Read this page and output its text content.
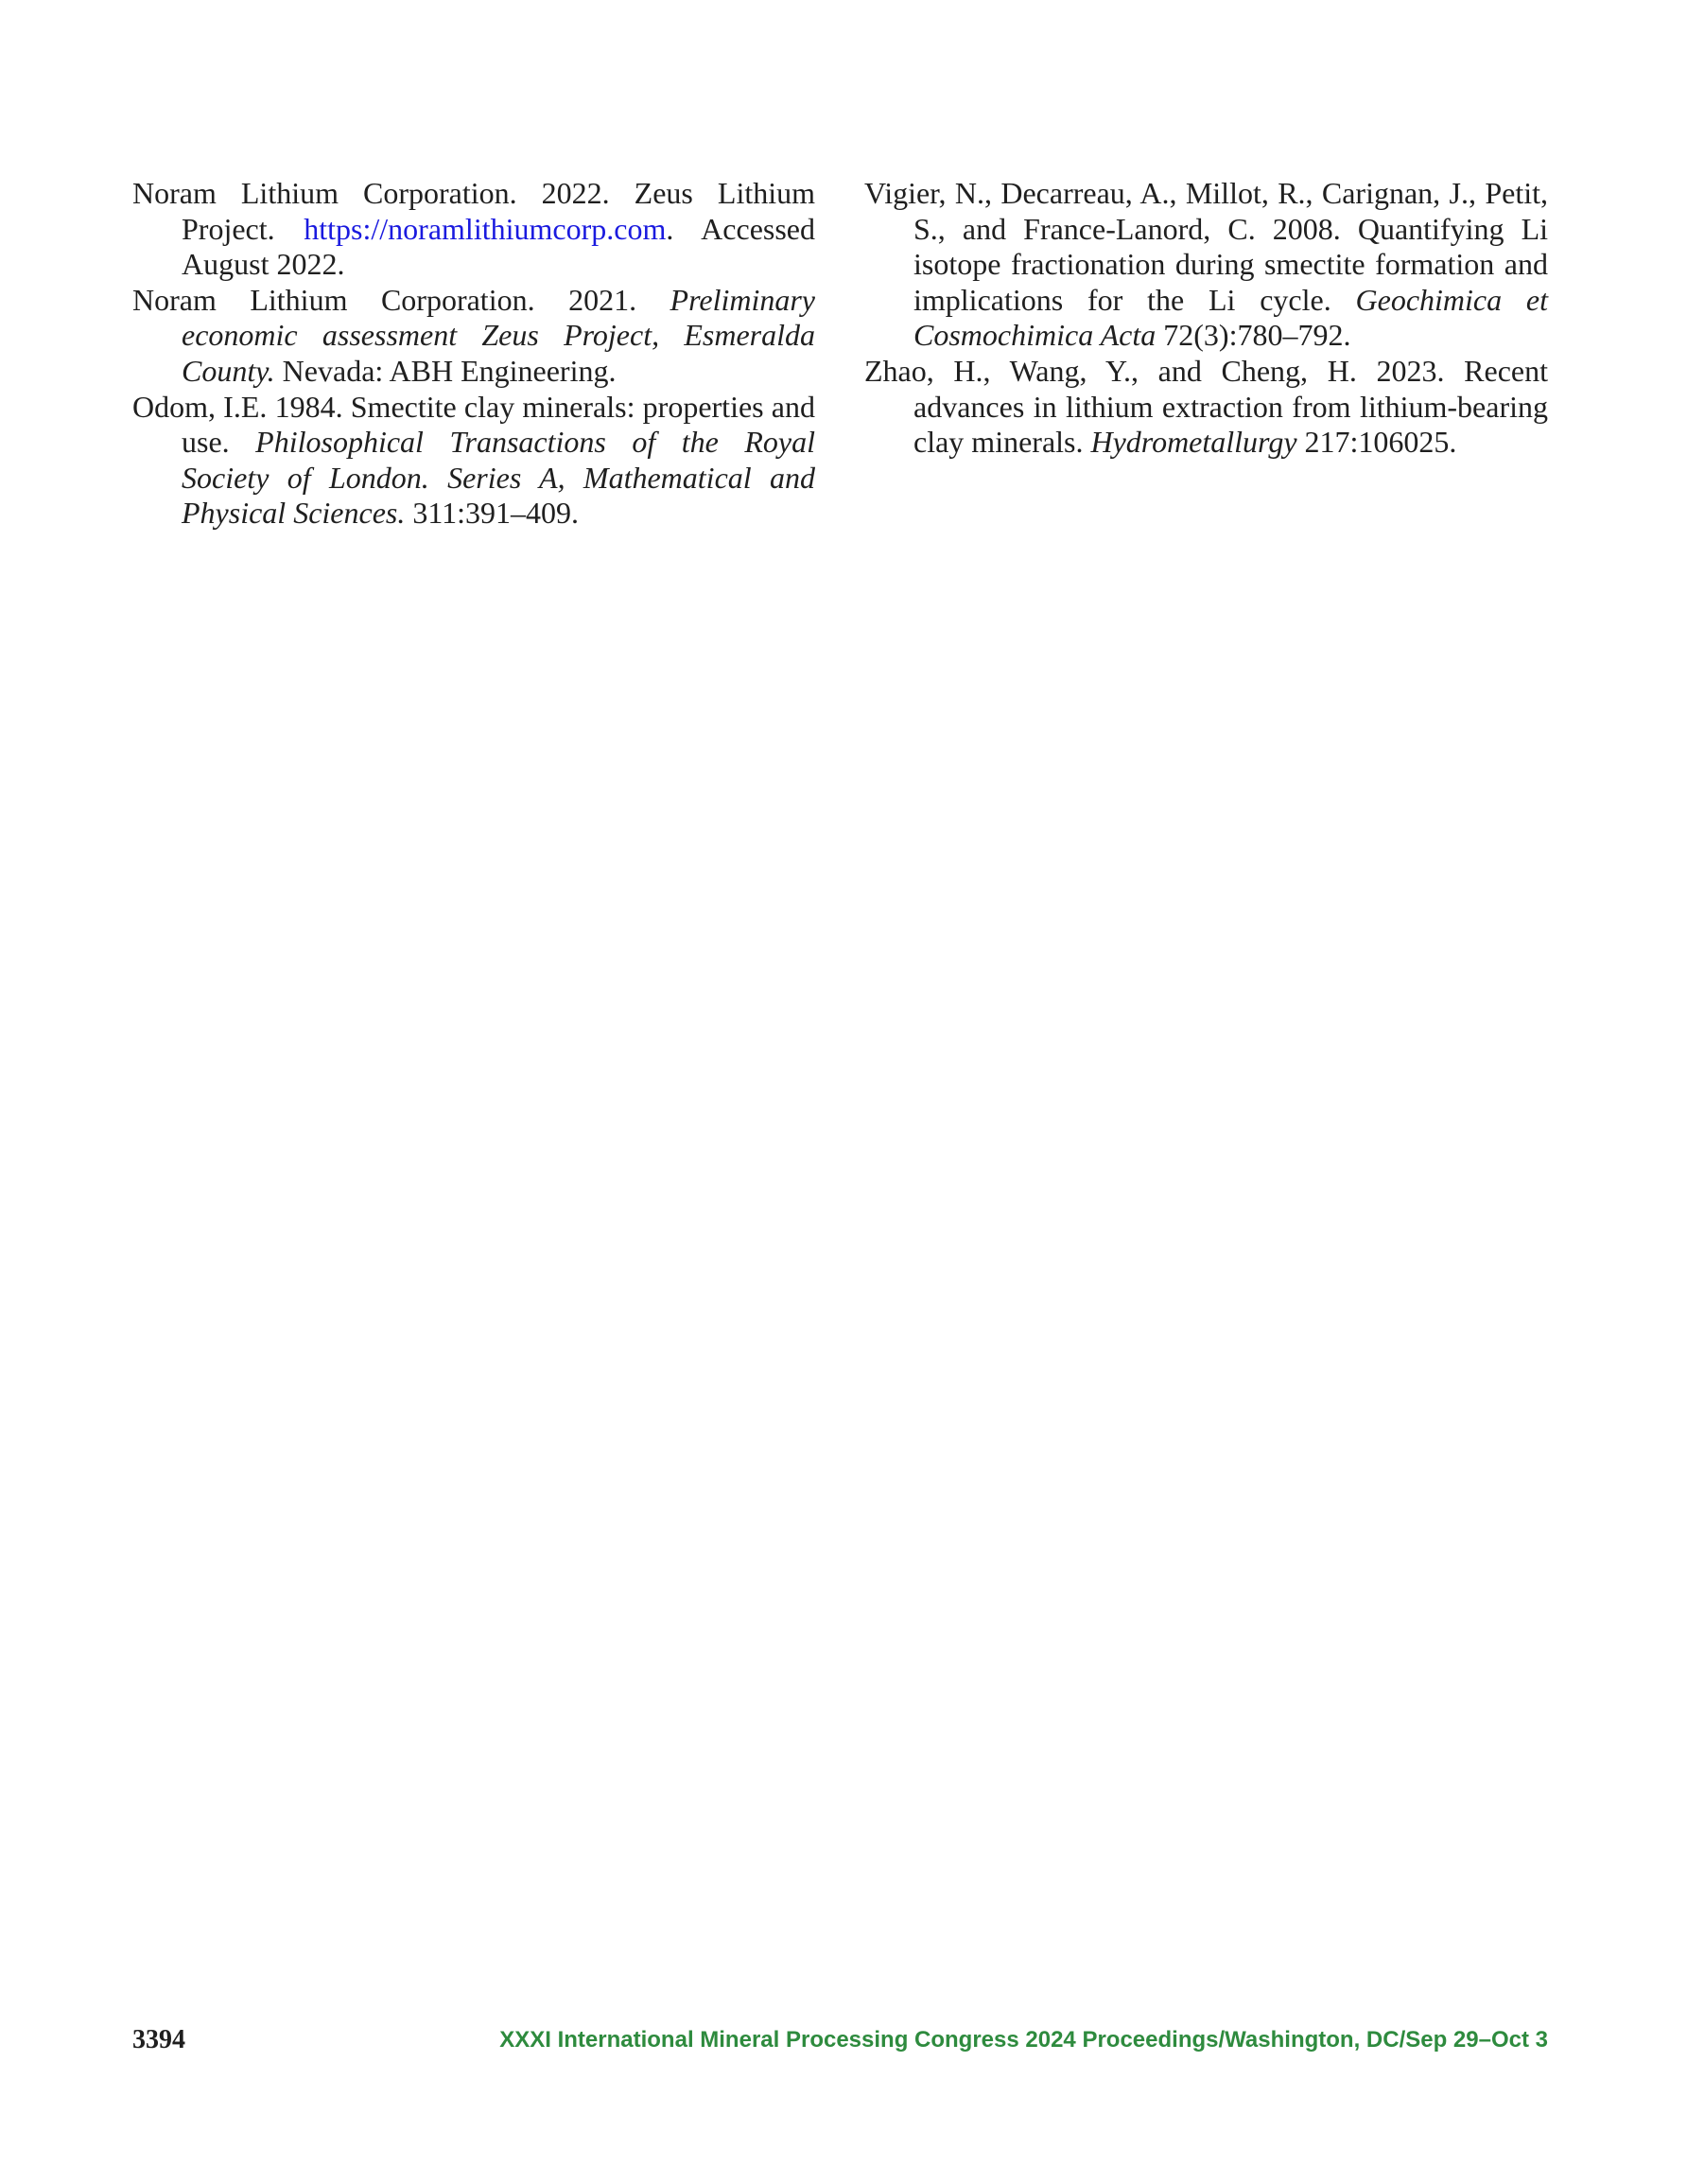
Noram Lithium Corporation. 2022. Zeus Lithium Project. https://noramlithiumcorp.com. Accessed August 2022.

Noram Lithium Corporation. 2021. Preliminary economic assessment Zeus Project, Esmeralda County. Nevada: ABH Engineering.

Odom, I.E. 1984. Smectite clay minerals: properties and use. Philosophical Transactions of the Royal Society of London. Series A, Mathematical and Physical Sciences. 311:391–409.

Vigier, N., Decarreau, A., Millot, R., Carignan, J., Petit, S., and France-Lanord, C. 2008. Quantifying Li isotope fractionation during smectite formation and implications for the Li cycle. Geochimica et Cosmochimica Acta 72(3):780–792.

Zhao, H., Wang, Y., and Cheng, H. 2023. Recent advances in lithium extraction from lithium-bearing clay minerals. Hydrometallurgy 217:106025.

3394	XXXI International Mineral Processing Congress 2024 Proceedings/Washington, DC/Sep 29–Oct 3
